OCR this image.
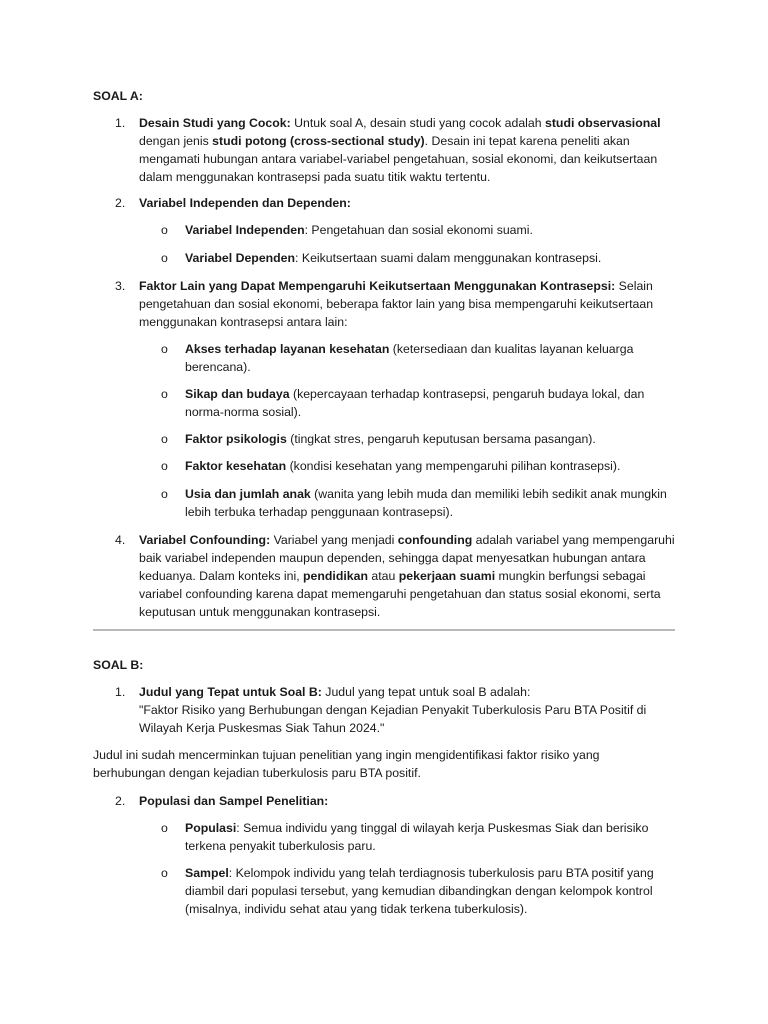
SOAL A:
1.	Desain Studi yang Cocok: Untuk soal A, desain studi yang cocok adalah studi observasional dengan jenis studi potong (cross-sectional study). Desain ini tepat karena peneliti akan mengamati hubungan antara variabel-variabel pengetahuan, sosial ekonomi, dan keikutsertaan dalam menggunakan kontrasepsi pada suatu titik waktu tertentu.
2.	Variabel Independen dan Dependen:
o	Variabel Independen: Pengetahuan dan sosial ekonomi suami.
o	Variabel Dependen: Keikutsertaan suami dalam menggunakan kontrasepsi.
3.	Faktor Lain yang Dapat Mempengaruhi Keikutsertaan Menggunakan Kontrasepsi: Selain pengetahuan dan sosial ekonomi, beberapa faktor lain yang bisa mempengaruhi keikutsertaan menggunakan kontrasepsi antara lain:
o	Akses terhadap layanan kesehatan (ketersediaan dan kualitas layanan keluarga berencana).
o	Sikap dan budaya (kepercayaan terhadap kontrasepsi, pengaruh budaya lokal, dan norma-norma sosial).
o	Faktor psikologis (tingkat stres, pengaruh keputusan bersama pasangan).
o	Faktor kesehatan (kondisi kesehatan yang mempengaruhi pilihan kontrasepsi).
o	Usia dan jumlah anak (wanita yang lebih muda dan memiliki lebih sedikit anak mungkin lebih terbuka terhadap penggunaan kontrasepsi).
4.	Variabel Confounding: Variabel yang menjadi confounding adalah variabel yang mempengaruhi baik variabel independen maupun dependen, sehingga dapat menyesatkan hubungan antara keduanya. Dalam konteks ini, pendidikan atau pekerjaan suami mungkin berfungsi sebagai variabel confounding karena dapat memengaruhi pengetahuan dan status sosial ekonomi, serta keputusan untuk menggunakan kontrasepsi.
SOAL B:
1.	Judul yang Tepat untuk Soal B: Judul yang tepat untuk soal B adalah:
"Faktor Risiko yang Berhubungan dengan Kejadian Penyakit Tuberkulosis Paru BTA Positif di Wilayah Kerja Puskesmas Siak Tahun 2024."
Judul ini sudah mencerminkan tujuan penelitian yang ingin mengidentifikasi faktor risiko yang berhubungan dengan kejadian tuberkulosis paru BTA positif.
2.	Populasi dan Sampel Penelitian:
o	Populasi: Semua individu yang tinggal di wilayah kerja Puskesmas Siak dan berisiko terkena penyakit tuberkulosis paru.
o	Sampel: Kelompok individu yang telah terdiagnosis tuberkulosis paru BTA positif yang diambil dari populasi tersebut, yang kemudian dibandingkan dengan kelompok kontrol (misalnya, individu sehat atau yang tidak terkena tuberkulosis).
